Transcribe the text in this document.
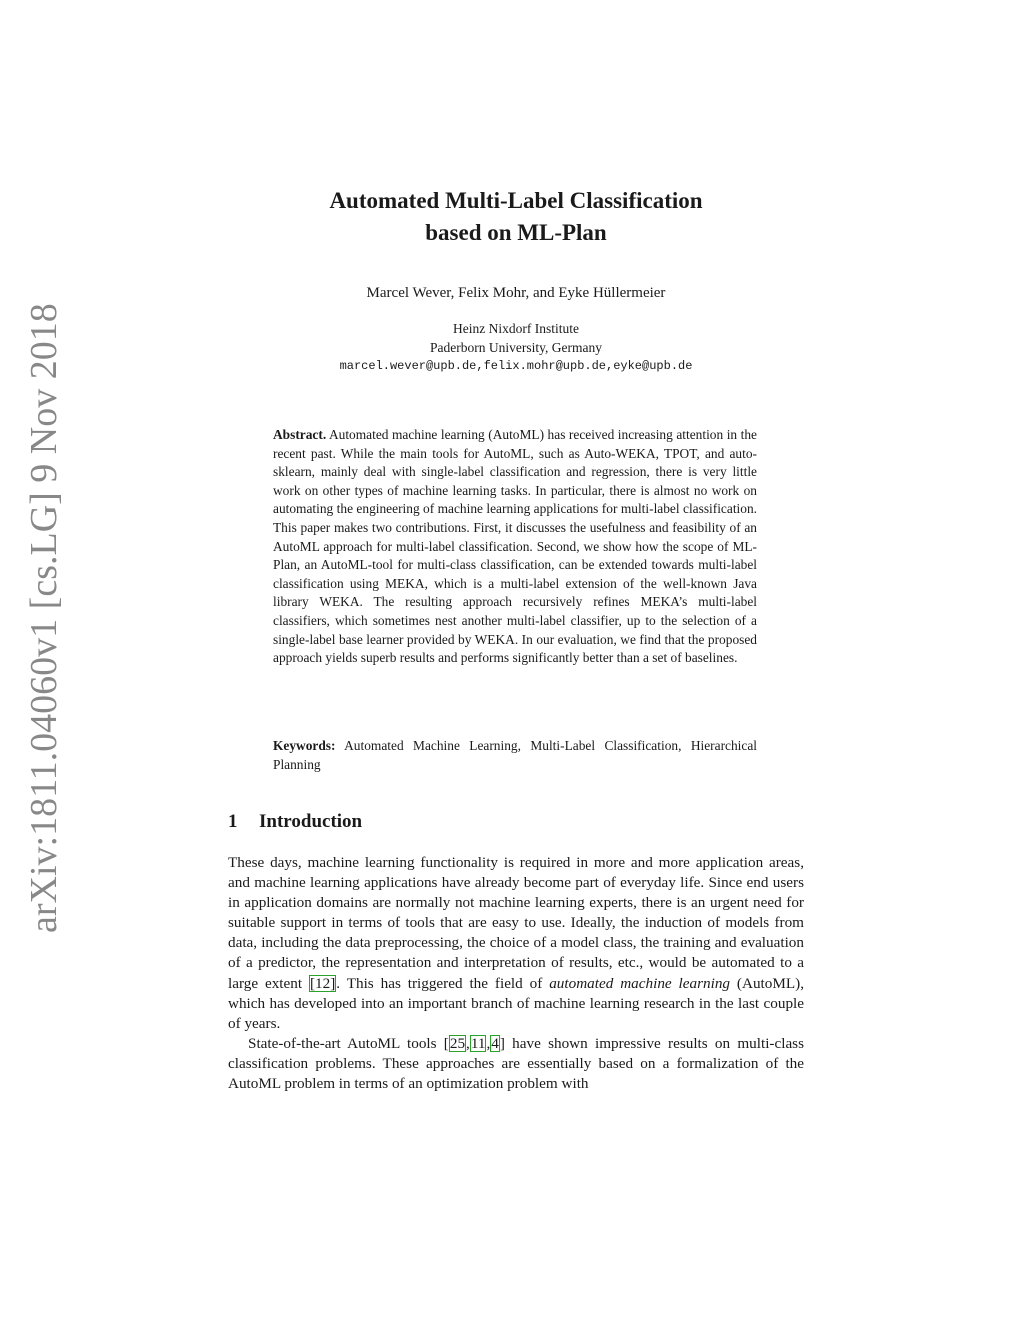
arXiv:1811.04060v1 [cs.LG] 9 Nov 2018
Automated Multi-Label Classification
based on ML-Plan
Marcel Wever, Felix Mohr, and Eyke Hüllermeier
Heinz Nixdorf Institute
Paderborn University, Germany
marcel.wever@upb.de,felix.mohr@upb.de,eyke@upb.de
Abstract. Automated machine learning (AutoML) has received increasing attention in the recent past. While the main tools for AutoML, such as Auto-WEKA, TPOT, and auto-sklearn, mainly deal with single-label classification and regression, there is very little work on other types of machine learning tasks. In particular, there is almost no work on automating the engineering of machine learning applications for multi-label classification. This paper makes two contributions. First, it discusses the usefulness and feasibility of an AutoML approach for multi-label classification. Second, we show how the scope of ML-Plan, an AutoML-tool for multi-class classification, can be extended towards multi-label classification using MEKA, which is a multi-label extension of the well-known Java library WEKA. The resulting approach recursively refines MEKA’s multi-label classifiers, which sometimes nest another multi-label classifier, up to the selection of a single-label base learner provided by WEKA. In our evaluation, we find that the proposed approach yields superb results and performs significantly better than a set of baselines.
Keywords: Automated Machine Learning, Multi-Label Classification, Hierarchical Planning
1 Introduction

These days, machine learning functionality is required in more and more application areas, and machine learning applications have already become part of everyday life. Since end users in application domains are normally not machine learning experts, there is an urgent need for suitable support in terms of tools that are easy to use. Ideally, the induction of models from data, including the data preprocessing, the choice of a model class, the training and evaluation of a predictor, the representation and interpretation of results, etc., would be automated to a large extent [12]. This has triggered the field of automated machine learning (AutoML), which has developed into an important branch of machine learning research in the last couple of years.

State-of-the-art AutoML tools [25,11,4] have shown impressive results on multi-class classification problems. These approaches are essentially based on a formalization of the AutoML problem in terms of an optimization problem with
